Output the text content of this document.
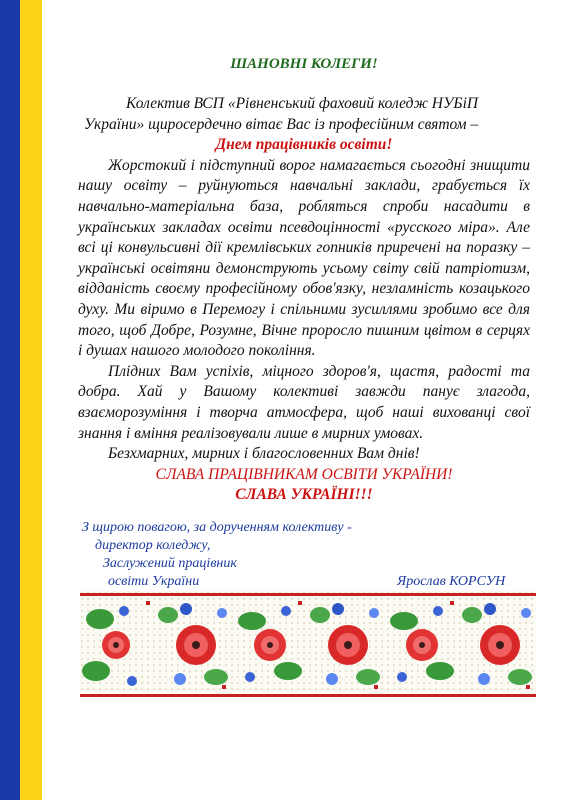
ШАНОВНІ КОЛЕГИ!

Колектив ВСП «Рівненський фаховий коледж НУБіП

України» щиросердечно вітає Вас із професійним святом –

Днем працівників освіти!

Жорстокий і підступний ворог намагається сьогодні знищити нашу освіту – руйнуються навчальні заклади, грабується їх навчально-матеріальна база, робляться спроби насадити в українських закладах освіти псевдоцінності «русского міра». Але всі ці конвульсивні дії кремлівських гопників приречені на поразку – українські освітяни демонструють усьому світу свій патріотизм, відданість своєму професійному обов'язку, незламність козацького духу. Ми віримо в Перемогу і спільними зусиллями зробимо все для того, щоб Добре, Розумне, Вічне проросло пишним цвітом в серцях і душах нашого молодого покоління.

Плідних Вам успіхів, міцного здоров'я, щастя, радості та добра. Хай у Вашому колективі завжди панує злагода, взаєморозуміння і творча атмосфера, щоб наші вихованці свої знання і вміння реалізовували лише в мирних умовах.

Безхмарних, мирних і благословенних Вам днів!

СЛАВА ПРАЦІВНИКАМ ОСВІТИ УКРАЇНИ!

СЛАВА УКРАЇНІ!!!

З щирою повагою, за дорученням колективу -
директор коледжу,
Заслужений працівник
освіти України	Ярослав КОРСУН
